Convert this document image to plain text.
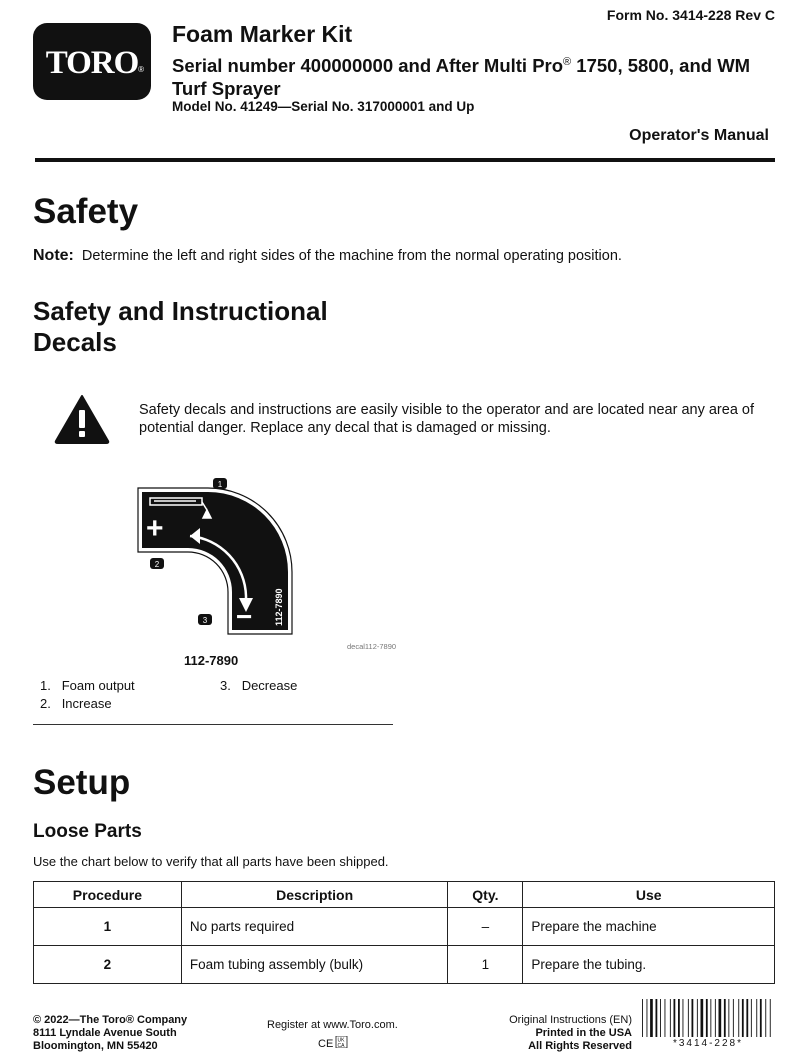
TORO ®
Form No. 3414-228 Rev C
Foam Marker Kit
Serial number 400000000 and After Multi Pro® 1750, 5800, and WM Turf Sprayer
Model No. 41249—Serial No. 317000001 and Up
Operator's Manual
Safety
Note: Determine the left and right sides of the machine from the normal operating position.
Safety and Instructional
Decals
Safety decals and instructions are easily visible to the operator and are located near any area of potential danger. Replace any decal that is damaged or missing.
+
− 112-7890
1
2
3
decal112-7890
112-7890
1. Foam output
2. Increase
3. Decrease
Setup
Loose Parts
Use the chart below to verify that all parts have been shipped.
Procedure	Description	Qty.	Use
1	No parts required	–	Prepare the machine
2	Foam tubing assembly (bulk)	1	Prepare the tubing.
© 2022—The Toro® Company
8111 Lyndale Avenue South
Bloomington, MN 55420
Register at www.Toro.com.
CE UK
CA
Original Instructions (EN)
Printed in the USA
All Rights Reserved	*3414-228*
